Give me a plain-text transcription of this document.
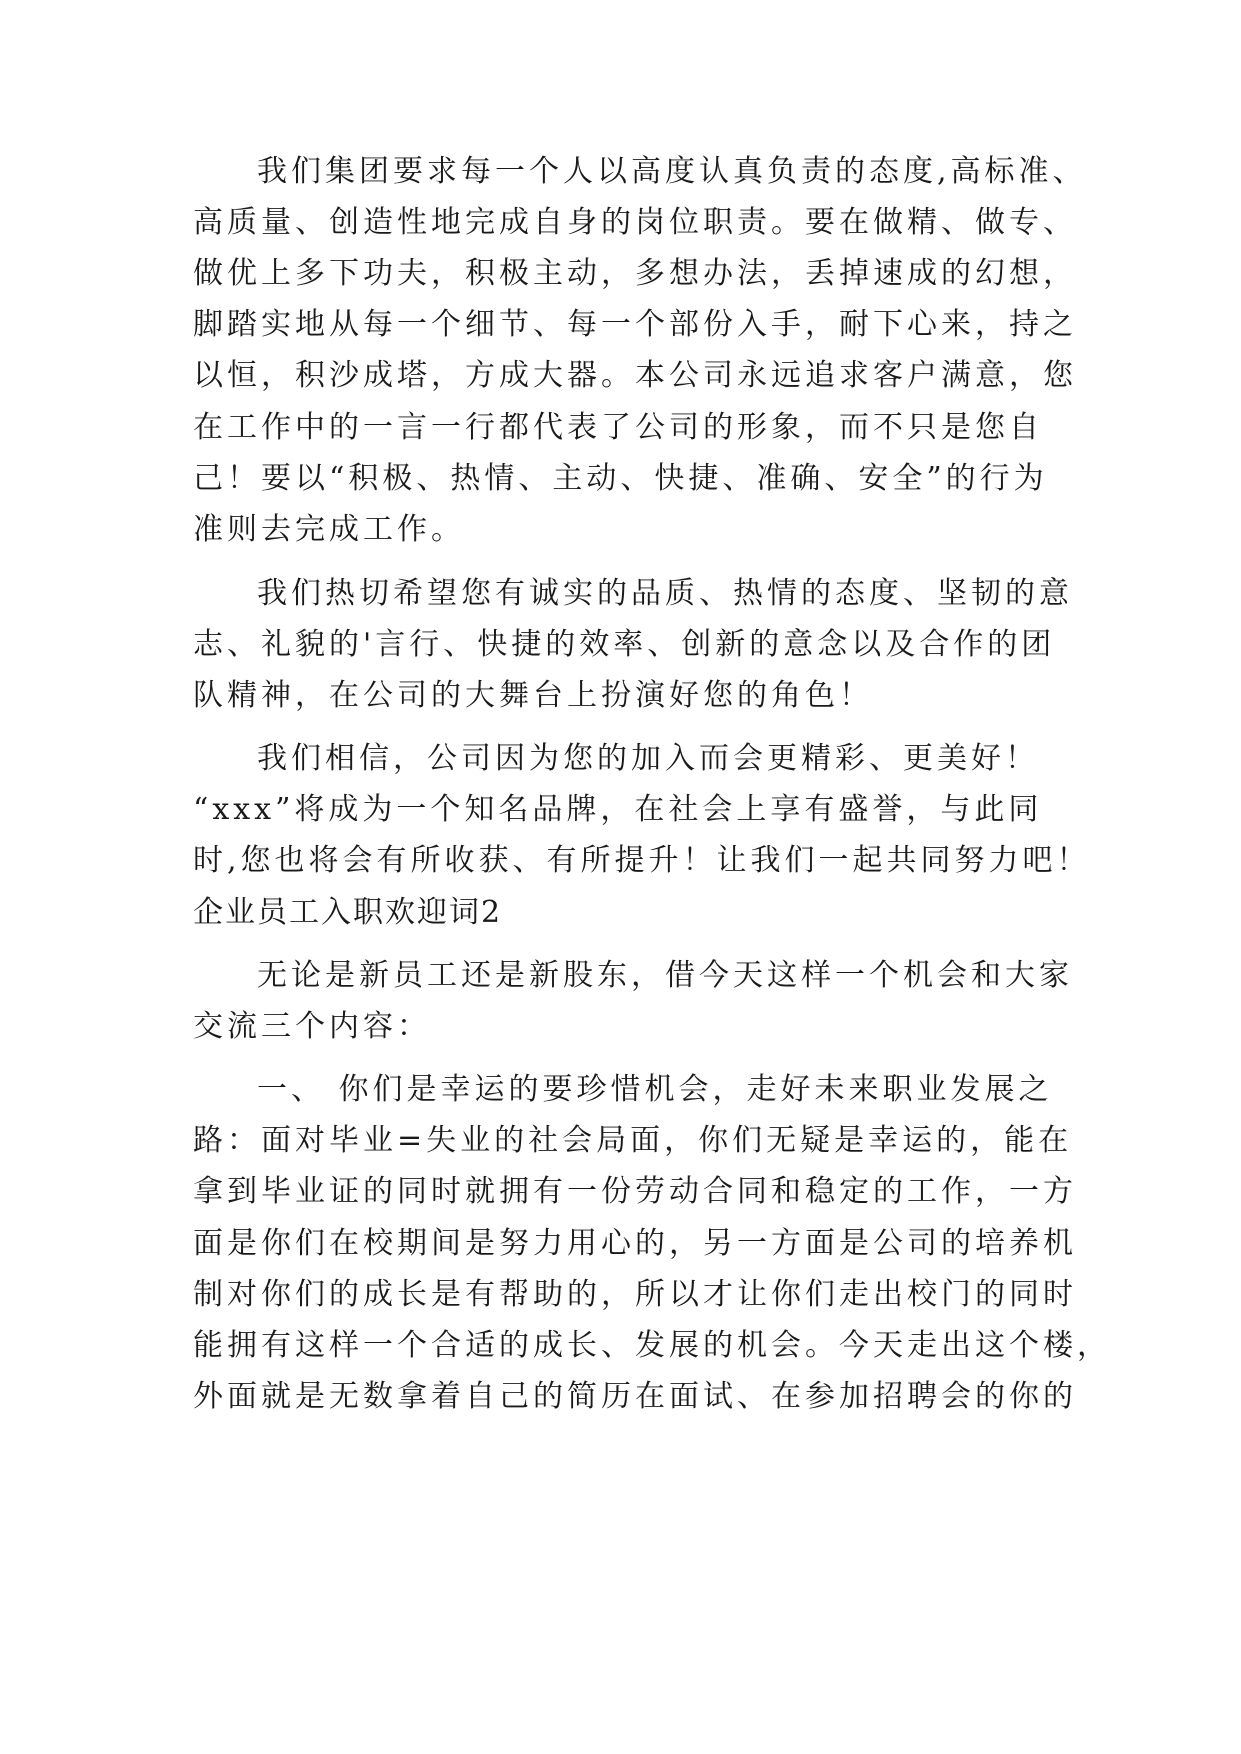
我们集团要求每一个人以高度认真负责的态度,高标准、
高质量、创造性地完成自身的岗位职责。要在做精、做专、
做优上多下功夫，积极主动，多想办法，丢掉速成的幻想，
脚踏实地从每一个细节、每一个部份入手，耐下心来，持之
以恒，积沙成塔，方成大器。本公司永远追求客户满意，您
在工作中的一言一行都代表了公司的形象，而不只是您自
己！要以“积极、热情、主动、快捷、准确、安全”的行为
准则去完成工作。
我们热切希望您有诚实的品质、热情的态度、坚韧的意
志、礼貌的'言行、快捷的效率、创新的意念以及合作的团
队精神，在公司的大舞台上扮演好您的角色！
我们相信，公司因为您的加入而会更精彩、更美好！
“xxx”将成为一个知名品牌，在社会上享有盛誉，与此同
时,您也将会有所收获、有所提升！让我们一起共同努力吧！
企业员工入职欢迎词2
无论是新员工还是新股东，借今天这样一个机会和大家
交流三个内容：
一、 你们是幸运的要珍惜机会，走好未来职业发展之
路：面对毕业=失业的社会局面，你们无疑是幸运的，能在
拿到毕业证的同时就拥有一份劳动合同和稳定的工作，一方
面是你们在校期间是努力用心的，另一方面是公司的培养机
制对你们的成长是有帮助的，所以才让你们走出校门的同时
能拥有这样一个合适的成长、发展的机会。今天走出这个楼，
外面就是无数拿着自己的简历在面试、在参加招聘会的你的
